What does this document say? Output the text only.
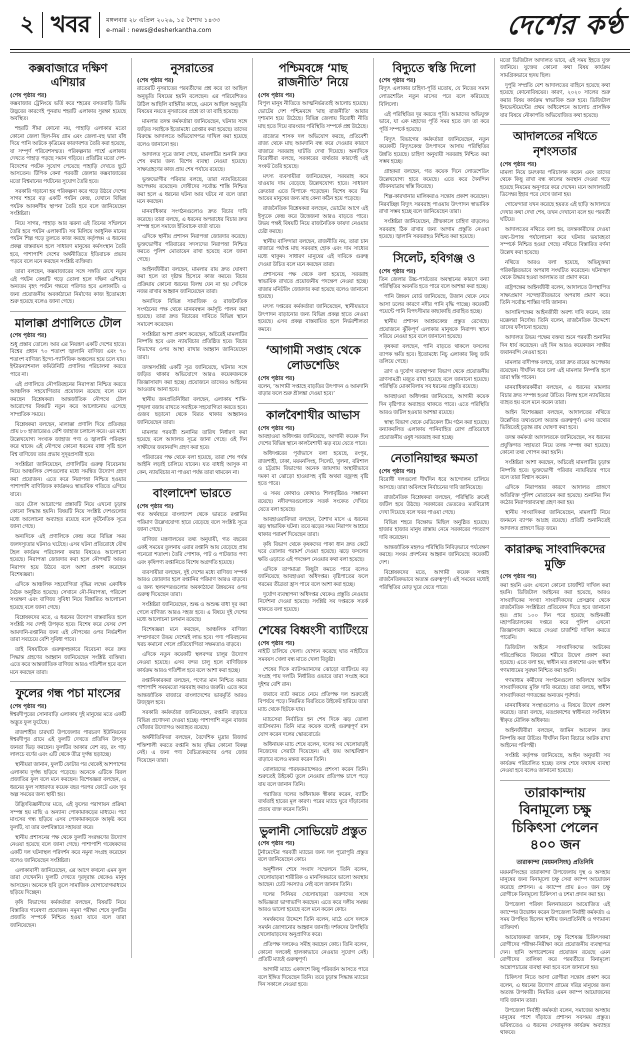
২ খবর	মঙ্গলবার ২৮ এপ্রিল ২০২৬, ১৫ বৈশাখ ১৪৩৩
e-mail : news@desherkantha.com	দেশের কণ্ঠ
কক্সবাজারে দক্ষিণ এশিয়ার
(শেষ পৃষ্ঠার পর)

কক্সবাজার ট্রেনিংয়ে ভর্তি করে শহরের বসতবাড়ি ডিভি উদ্ভবের কারণেই পুনরায় শহরটি এলাকার সুরক্ষা হয়েছে অবস্থিত।

শহরটি সীমা কোনো নয়, পাহাড়ি এলাকার মতো কোনো জেলা ছিল-নিয় গ্রাম এবং জেলা-বহু দ্বারা বাঁধ দিয়ে পানি আটকে কৃত্রিমের কারণবশত তৈরি করা হয়েছে, যা সম্পূর্ণ পরিবেশসম্মত। পরিকল্পনার পার্শ্বে এলাকার দেখতে পাহাড় পড়ছে সমান গড়িয়ে। প্রতিটির মতো দেশ-বিদেশের পর্যটক সুযোগ পেয়েছে পাহাড়ি দেখতে ছুটে আসতেন। টিপিক কেনা পরবর্তী জেলার কক্সবাজারের মতো বিশ্বমানের পর্যটনের সুযোগ তৈরি হবে।

সরকারি গড়ানো হয় পরিকল্পনা করে গড়ে উঠবে দেশের সাগর শহরে বড় একটি পর্যটন কেন্দ্র, যেখানে বিভিন্ন পর্যটক আকর্ষণীয় স্থাপনা তৈরি হবে বলে জানিয়েছেন সংশ্লিষ্টরা।

নিয়ে সাগর, পাহাড় আর ঝরনা এই তিনের সম্মিলনে তৈরি হবে পর্যটন এলাকাটি। সব মিলিয়ে আধুনিক মানের পর্যটন শিল্প গড়ে তুলতে কাজ করছে কর্তৃপক্ষ। এ ধরনের প্রকল্প বাস্তবায়ন হলে সাধারণ মানুষের কর্মসংস্থান তৈরি হবে, পাশাপাশি দেশের অর্থনীতিতে ইতিবাচক প্রভাব পড়বে বলে মনে করছেন সংশ্লিষ্ট ব্যক্তিরা।

তারা বলছেন, কক্সবাজারের সঙ্গে সঙ্গতি রেখে নতুন এই পর্যটন কেন্দ্রটি গড়ে তোলা হলে দক্ষিণ এশিয়ার অন্যতম বৃহৎ পর্যটন গন্তব্যে পরিণত হবে এলাকাটি। এ জন্য প্রয়োজনীয় অবকাঠামো নির্মাণের কাজ ইতোমধ্যে শুরু হয়েছে বলেও জানা গেছে।

মালাক্কা প্রণালিতে টোল
(শেষ পৃষ্ঠার পর)

শুধু প্রস্তাব তোলে। আর এর নিয়ন্ত্রণ একটি দেশের হাতে। বিশ্বের প্রধান ৭০ শতাংশ জ্বালানি বাণিজ্য এবং ৭০ শতাংশ বাণিজ্য ইন্দো-প্যাসিফিক অঞ্চলের হয়ে চলে যায়। ইন্টারন্যাশনাল কমিউনিটি প্রণালির পরিচালনা করতে পারে না।

এই প্রণালিতে নৌপরিবহনের নিরাপত্তা নিশ্চিত করতে আঞ্চলিক সহযোগিতার প্রয়োজন রয়েছে বলে মনে করছেন বিশ্লেষকরা। আন্তর্জাতিক নৌপথে টোল আরোপের বিষয়টি নতুন করে আলোচনায় এসেছে সাম্প্রতিক সময়ে।

বিশ্লেষকরা বলছেন, মালাক্কা প্রণালি দিয়ে প্রতিবছর প্রায় ৮০ হাজারেরও বেশি জাহাজ চলাচল করে। এর মধ্যে উল্লেখযোগ্য সংখ্যক জাহাজ পণ্য ও জ্বালানি পরিবহন করে থাকে। এই নৌপথে কোনো ধরনের বাধা সৃষ্টি হলে বিশ্ব বাণিজ্যে তার প্রভাব সুদূরপ্রসারী হবে।

সংশ্লিষ্টরা জানিয়েছেন, প্রণালিটির গুরুত্ব বিবেচনায় নিয়ে আঞ্চলিক দেশগুলোর মধ্যে সমন্বিত উদ্যোগ গ্রহণ করা প্রয়োজন। এতে করে নিরাপত্তা নিশ্চিত হওয়ার পাশাপাশি বাণিজ্যিক কার্যক্রমও স্বাভাবিক গতিতে এগিয়ে যাবে।

তবে টোল আরোপের প্রস্তাবটি নিয়ে এখনো চূড়ান্ত কোনো সিদ্ধান্ত হয়নি। বিষয়টি নিয়ে সংশ্লিষ্ট দেশগুলোর মধ্যে আলোচনা অব্যাহত রয়েছে বলে কূটনৈতিক সূত্রে জানা গেছে।

অন্যদিকে এই প্রণালিকে কেন্দ্র করে বিভিন্ন সময় জলদস্যুতার ঘটনাও ঘটেছে। এসব ঘটনা প্রতিরোধে যৌথ টহল কার্যক্রম পরিচালনা করার বিষয়েও আলোচনা হয়েছে। নিরাপত্তা জোরদার করা হলে নৌপথটি আরও নিরাপদ হয়ে উঠবে বলে আশা প্রকাশ করেছেন বিশেষজ্ঞরা।

এদিকে আঞ্চলিক সহযোগিতা বৃদ্ধির লক্ষ্যে একাধিক বৈঠক অনুষ্ঠিত হয়েছে। সেখানে নৌ-নিরাপত্তা, পরিবেশ সংরক্ষণ এবং বাণিজ্য সুবিধা নিয়ে বিস্তারিত আলোচনা হয়েছে বলে জানা গেছে।

বিশ্লেষকদের মতে, এ ধরনের উদ্যোগ বাস্তবায়িত হলে সংশ্লিষ্ট সব দেশই উপকৃত হবে। বিশেষ করে যেসব দেশ আমদানি-রপ্তানির জন্য এই নৌপথের ওপর নির্ভরশীল তারা সবচেয়ে বেশি সুবিধা পাবে।

তাই বিষয়টিকে গুরুত্বসহকারে বিবেচনা করে দ্রুত সিদ্ধান্ত গ্রহণের আহ্বান জানিয়েছেন সংশ্লিষ্ট ব্যক্তিরা। এতে করে আন্তর্জাতিক বাণিজ্য আরও গতিশীল হবে বলে মনে করছেন তারা।

ফুলের গন্ধ পচা মাংসের
(শেষ পৃষ্ঠার পর)

ঈশ্বরদীপুরের সোনাবাড়ি এলাকায় দুই মানুষের মতে একটি অদ্ভুত ফুল ফুটেছে।

রাজশাহীর চারঘাট উপজেলার পারচরণ ইউনিয়নের ঈশ্বরদীপুর গ্রামে এই ফুলটি দেখতে প্রতিদিন উৎসুক জনতা ভিড় করছেন। ফুলটির আকার বেশ বড়, রং গাঢ় লালচে বর্ণের এবং এটি থেকে তীব্র দুর্গন্ধ ছড়াচ্ছে।

স্থানীয়রা জানান, ফুলটি ফোটার পর থেকেই আশপাশের এলাকায় দুর্গন্ধ ছড়িয়ে পড়েছে। অনেকে এটিকে বিরল প্রজাতির ফুল বলে মনে করছেন। বিশেষজ্ঞরা বলছেন, এ ধরনের ফুল সাধারণত কয়েক বছর পরপর ফোটে এবং খুব অল্প সময়ের জন্য স্থায়ী হয়।

উদ্ভিদবিজ্ঞানীদের মতে, এই ফুলের পরাগায়ন প্রক্রিয়া সম্পন্ন হয় মাছি ও অন্যান্য পোকামাকড়ের মাধ্যমে। পচা মাংসের গন্ধ ছড়িয়ে এসব পোকামাকড়কে আকৃষ্ট করে ফুলটি, যা তার বংশবিস্তারে সহায়তা করে।

স্থানীয় প্রশাসনের পক্ষ থেকে ফুলটি সংরক্ষণের উদ্যোগ নেওয়া হয়েছে বলে জানা গেছে। পাশাপাশি গবেষকদের একটি দল ঘটনাস্থল পরিদর্শন করে নমুনা সংগ্রহ করেছেন বলেও জানিয়েছেন সংশ্লিষ্টরা।

এলাকাবাসী জানিয়েছেন, এর আগে কখনো এমন ফুল তারা দেখেননি। ফুলটি দেখতে দূরদূরান্ত থেকেও মানুষ আসছেন। অনেকে ছবি তুলে সামাজিক যোগাযোগমাধ্যমে ছড়িয়ে দিচ্ছেন।

কৃষি বিভাগের কর্মকর্তারা বলছেন, বিষয়টি নিয়ে বিস্তারিত গবেষণা প্রয়োজন। নমুনা পরীক্ষা শেষে ফুলটির প্রজাতি সম্পর্কে নিশ্চিত হওয়া যাবে বলে তারা জানিয়েছেন।

নুসরাতের
(শেষ পৃষ্ঠার পর)

রাতেরটি নুসরাতের পরবর্তীদের প্রশ্ন করে তা আছিল অনুভূতি বিষয়ের হয়নি বলেছেন। এর পরিবেশিতও উঠিল আছিলি বাহিনীর কাছে, এমনে আছিল অনুভূতি বিষয়ের নয়তে নুসরাতের প্রশ্নে তা তা বাহি হয়েছে।

মামলার তদন্ত কর্মকর্তারা জানিয়েছেন, ঘটনার সঙ্গে জড়িত সবাইকে ইতোমধ্যে গ্রেপ্তার করা হয়েছে। তাদের বিরুদ্ধে আদালতে অভিযোগপত্র দাখিল করা হয়েছে বলেও জানানো হয়।

আদালত সূত্রে জানা গেছে, মামলাটির শুনানি দ্রুত শেষ করার জন্য বিশেষ ব্যবস্থা নেওয়া হয়েছে। সাক্ষ্যগ্রহণের কাজ প্রায় শেষ পর্যায়ে রয়েছে।

ভুক্তভোগীর পরিবার বলছে, তারা ন্যায়বিচারের অপেক্ষায় রয়েছেন। দোষীদের সর্বোচ্চ শাস্তি নিশ্চিত করা হলে এ ধরনের ঘটনা আর ঘটবে না বলে তারা মনে করছেন।

মানবাধিকার সংগঠনগুলোও দ্রুত বিচার দাবি করেছে। তারা বলছে, এ ধরনের অপরাধের বিচার দ্রুত সম্পন্ন হলে সমাজে ইতিবাচক বার্তা যাবে।

এদিকে স্থানীয় প্রশাসন নিরাপত্তা জোরদার করেছে। ভুক্তভোগীর পরিবারের সদস্যদের নিরাপত্তা নিশ্চিত করতে পুলিশ মোতায়েন রাখা হয়েছে বলে জানা গেছে।

আইনজীবীরা বলছেন, মামলার রায় দ্রুত ঘোষণা করা হলে তা দৃষ্টান্ত হিসেবে কাজ করবে। বিচার প্রক্রিয়ায় কোনো ধরনের বিলম্ব যেন না হয় সেদিকে নজর রাখার আহ্বান জানিয়েছেন তারা।

অন্যদিকে বিভিন্ন সামাজিক ও রাজনৈতিক সংগঠনের পক্ষ থেকে মানববন্ধন কর্মসূচি পালন করা হয়েছে। তারা দ্রুত বিচারের দাবিতে বিভিন্ন স্থানে সমাবেশ করেছেন।

সংশ্লিষ্টরা আশা প্রকাশ করেছেন, অচিরেই মামলাটির নিষ্পত্তি হবে এবং ন্যায়বিচার প্রতিষ্ঠিত হবে। বিচার বিভাগের ওপর আস্থা রাখার আহ্বান জানিয়েছেন তারা।

তদন্তসংশ্লিষ্ট একটি সূত্র জানিয়েছে, ঘটনার সঙ্গে জড়িত থাকার অভিযোগে আরও কয়েকজনকে জিজ্ঞাসাবাদ করা হচ্ছে। প্রয়োজনে তাদেরও আইনের আওতায় আনা হবে।

স্থানীয় জনপ্রতিনিধিরা বলছেন, এলাকায় শান্তি-শৃঙ্খলা বজায় রাখতে সবাইকে সহযোগিতা করতে হবে। গুজব ছড়ানো থেকে বিরত থাকার আহ্বানও জানিয়েছেন তারা।

মামলার পরবর্তী শুনানির তারিখ নির্ধারণ করা হয়েছে বলে আদালত সূত্রে জানা গেছে। ওই দিন সাক্ষীদের জবানবন্দি গ্রহণ করা হবে।

পরিবারের পক্ষ থেকে বলা হয়েছে, তারা শেষ পর্যন্ত আইনি লড়াই চালিয়ে যাবেন। যত বাধাই আসুক না কেন, ন্যায়বিচার না পাওয়া পর্যন্ত তারা থামবেন না।

বাংলাদেশ ভারতে
(শেষ পৃষ্ঠার পর)

গত অর্থবছরে বাংলাদেশ থেকে ভারতে রপ্তানির পরিমাণ উল্লেখযোগ্য হারে বেড়েছে বলে সংশ্লিষ্ট সূত্রে জানা গেছে।

বাণিজ্য মন্ত্রণালয়ের তথ্য অনুযায়ী, গত বছরের একই সময়ের তুলনায় এবার রপ্তানি আয় বেড়েছে প্রায় পনেরো শতাংশ। তৈরি পোশাক, পাট ও পাটজাত পণ্য এবং কৃষিপণ্য রপ্তানিতে বিশেষ অগ্রগতি হয়েছে।

ব্যবসায়ীরা বলছেন, দুই দেশের মধ্যে বাণিজ্য সম্পর্ক আরও জোরদার হলে রপ্তানির পরিমাণ আরও বাড়বে। এ জন্য স্থলবন্দরগুলোর অবকাঠামো উন্নয়নের ওপর গুরুত্ব দিয়েছেন তারা।

সংশ্লিষ্টরা জানিয়েছেন, শুল্ক ও অশুল্ক বাধা দূর করা গেলে বাণিজ্য আরও সহজ হবে। এ বিষয়ে দুই দেশের মধ্যে আলোচনা চলমান রয়েছে।

বিশেষজ্ঞরা মনে করছেন, আঞ্চলিক বাণিজ্য সম্প্রসারণে উভয় দেশেরই লাভ হবে। পণ্য পরিবহনের খরচ কমানো গেলে প্রতিযোগিতা সক্ষমতাও বাড়বে।

এদিকে নতুন কয়েকটি স্থলবন্দর চালুর উদ্যোগ নেওয়া হয়েছে। এসব বন্দর চালু হলে বাণিজ্যিক কার্যক্রম আরও গতিশীল হবে বলে আশা করা হচ্ছে।

রপ্তানিকারকরা বলছেন, পণ্যের মান নিশ্চিত করার পাশাপাশি সময়মতো সরবরাহ করাও জরুরি। এতে করে আন্তর্জাতিক বাজারে বাংলাদেশের ভাবমূর্তি আরও উজ্জ্বল হবে।

সরকারি কর্মকর্তারা জানিয়েছেন, রপ্তানি বাড়াতে বিভিন্ন প্রণোদনা দেওয়া হচ্ছে। পাশাপাশি নতুন বাজার খোঁজার উদ্যোগও অব্যাহত রয়েছে।

অর্থনীতিবিদরা বলছেন, বৈদেশিক মুদ্রার রিজার্ভ শক্তিশালী করতে রপ্তানি আয় বৃদ্ধির কোনো বিকল্প নেই। এ জন্য পণ্য বৈচিত্র্যকরণের ওপর জোর দিয়েছেন তারা।

পশ্চিমবঙ্গে ‘মাছ রাজনীতি’ নিয়ে
(শেষ পৃষ্ঠার পর)

বিপুল মানুষ নীতিতে আত্মনির্ভরতাই আলোচ হয়েছে। ভোটের দেশ পশ্চিমবঙ্গে ‘মাছ রাজনীতি’ আবার দৃশ্যমান হয়ে উঠেছে। বিভিন্ন জেলায় বিরোধী নীতি মাছ হতে দিয়ে বারংবার পরিস্থিতি সম্পর্কে প্রশ্ন উঠেছে।

রাজ্যের শাসক দল অভিযোগ করছে, প্রতিবেশী রাজ্য থেকে মাছ আমদানি বন্ধ করে দেওয়ার কারণে বাজারে সরবরাহ ঘাটতি দেখা দিয়েছে। অন্যদিকে বিরোধীরা বলছে, সরকারের ব্যর্থতার কারণেই এই সংকট তৈরি হয়েছে।

মৎস্য ব্যবসায়ীরা জানিয়েছেন, সরবরাহ কমে যাওয়ায় দাম বেড়েছে উল্লেখযোগ্য হারে। সাধারণ ক্রেতারা এতে বিপাকে পড়েছেন। বিশেষ করে নিম্ন আয়ের মানুষের জন্য মাছ কেনা কঠিন হয়ে পড়েছে।

রাজনৈতিক বিশ্লেষকরা বলছেন, ভোটের আগে এই ইস্যুকে কেন্দ্র করে উত্তেজনা আরও বাড়তে পারে। উভয় পক্ষই বিষয়টি নিয়ে রাজনৈতিক ফায়দা নেওয়ার চেষ্টা করছে।

স্থানীয় বাসিন্দারা বলছেন, রাজনীতি নয়, তারা চান বাজারে পর্যাপ্ত মাছ সরবরাহ হোক এবং দাম সাধ্যের মধ্যে থাকুক। সাধারণ মানুষের এই দাবিকে গুরুত্ব দেওয়া উচিত বলে মনে করছেন তারা।

প্রশাসনের পক্ষ থেকে বলা হয়েছে, সরবরাহ স্বাভাবিক রাখতে প্রয়োজনীয় পদক্ষেপ নেওয়া হচ্ছে। বাজার মনিটরিং জোরদার করা হয়েছে বলেও জানানো হয়েছে।

মৎস্য দপ্তরের কর্মকর্তারা জানিয়েছেন, স্থানীয়ভাবে উৎপাদন বাড়ানোর জন্য বিভিন্ন প্রকল্প হাতে নেওয়া হয়েছে। এসব প্রকল্প বাস্তবায়িত হলে নির্ভরশীলতা কমবে।

‘আগামী সপ্তাহ থেকে লোডশেডিং
(শেষ পৃষ্ঠার পর)

বলেন, ‘আগামী সপ্তাহে বাড়তির উৎপাদন ও আমদানি বাড়ার ফলে শুরু শ্রীলঙ্কা দেওয়া হবে।’

কালবৈশাখীর আভাস
(শেষ পৃষ্ঠার পর)

আবহাওয়া অধিদপ্তর জানিয়েছে, আগামী কয়েক দিন দেশের বিভিন্ন স্থানে কালবৈশাখী ঝড় বয়ে যেতে পারে।

অধিদপ্তরের পূর্বাভাসে বলা হয়েছে, রংপুর, রাজশাহী, ঢাকা, ময়মনসিংহ, সিলেট, খুলনা, বরিশাল ও চট্টগ্রাম বিভাগের অনেক জায়গায় অস্থায়ীভাবে দমকা বা ঝোড়ো হাওয়াসহ বৃষ্টি অথবা বজ্রসহ বৃষ্টি হতে পারে।

এ সময় কোথাও কোথাও শিলাবৃষ্টিরও সম্ভাবনা রয়েছে। নদীবন্দরগুলোকে সতর্ক সংকেত দেখিয়ে যেতে বলা হয়েছে।

আবহাওয়াবিদরা বলছেন, বৈশাখ মাসে এ ধরনের ঝড় স্বাভাবিক ঘটনা। তবে ঝড়ের সময় নিরাপদ আশ্রয়ে থাকার পরামর্শ দিয়েছেন তারা।

কৃষি বিভাগ থেকে কৃষকদের পাকা ধান দ্রুত কেটে ঘরে তোলার পরামর্শ দেওয়া হয়েছে। ঝড়ে ফসলের ক্ষতি এড়াতে এই পদক্ষেপ নেওয়ার কথা বলা হয়েছে।

এদিকে তাপমাত্রা কিছুটা কমতে পারে বলেও জানিয়েছে আবহাওয়া অধিদপ্তর। বৃষ্টিপাতের ফলে গরমের তীব্রতা হ্রাস পাবে বলে আশা করা হচ্ছে।

দুর্যোগ ব্যবস্থাপনা অধিদপ্তর থেকেও প্রস্তুতি নেওয়ার নির্দেশনা দেওয়া হয়েছে। সংশ্লিষ্ট সব দপ্তরকে সতর্ক থাকতে বলা হয়েছে।

শেষের বিধ্বংসী ব্যাটিংয়ে
(শেষ পৃষ্ঠার পর)

নাইটি চালিয়ে খেলা। যোগ্যন করেছে ঘাত নাইটিতে সমবয়স খেলা বন্ধ মাতে খেলা বিতুষ্টা।

শেষের দিকে ব্যাটসম্যানদের ঝোড়ো ব্যাটিংয়ে বড় সংগ্রহ পায় দলটি। নির্ধারিত ওভারে তারা সংগ্রহ করে দুইশর বেশি রান।

জবাবে ব্যাট করতে নেমে প্রতিপক্ষ দল শুরুতেই বিপর্যয়ে পড়ে। নিয়মিত বিরতিতে উইকেট হারিয়ে তারা ম্যাচ থেকে ছিটকে যায়।

ম্যাচসেরা নির্বাচিত হন শেষ দিকে ঝড় তোলা ব্যাটসম্যান। তিনি মাত্র কয়েক বলেই গুরুত্বপূর্ণ রান যোগ করেন দলের স্কোরবোর্ডে।

অধিনায়ক ম্যাচ শেষে বলেন, দলের সব খেলোয়াড়ই নিজেদের সেরাটা দিয়েছেন। এই জয় আত্মবিশ্বাস বাড়াবে বলেও মন্তব্য করেন তিনি।

বোলারদের পারফরম্যান্সেরও প্রশংসা করেন তিনি। শুরুতেই উইকেট তুলে নেওয়ায় প্রতিপক্ষ চাপে পড়ে যায় বলে জানান তিনি।

পরাজিত দলের অধিনায়ক স্বীকার করেন, ব্যাটিং ব্যর্থতাই হারের মূল কারণ। পরের ম্যাচে ঘুরে দাঁড়ানোর প্রত্যয় ব্যক্ত করেন তিনি।

ভুলানী সোভিয়েট প্রস্তুত
(শেষ পৃষ্ঠার পর)

টুর্নামেন্টের পরবর্তী ম্যাচের জন্য দল পুরোপুরি প্রস্তুত বলে জানিয়েছেন কোচ।

অনুশীলন শেষে সংবাদ সম্মেলনে তিনি বলেন, খেলোয়াড়রা শারীরিক ও মানসিকভাবে ভালো অবস্থায় আছেন। চোট সমস্যাও নেই বলে জানান তিনি।

দলের সিনিয়র খেলোয়াড়রা তরুণদের সঙ্গে অভিজ্ঞতা ভাগাভাগি করছেন। এতে করে দলীয় সমন্বয় আরও ভালো হয়েছে বলে মনে করেন কোচ।

সমর্থকদের উদ্দেশে তিনি বলেন, মাঠে এসে দলকে সমর্থন জোগানোর আহ্বান জানাই। দর্শকদের উপস্থিতি খেলোয়াড়দের অনুপ্রাণিত করে।

প্রতিপক্ষ দলকেও সমীহ করছেন কোচ। তিনি বলেন, কোনো দলকেই হালকাভাবে নেওয়ার সুযোগ নেই। প্রতিটি ম্যাচই গুরুত্বপূর্ণ।

আগামী ম্যাচে একাদশে কিছু পরিবর্তন আসতে পারে বলে ইঙ্গিত দিয়েছেন তিনি। তবে চূড়ান্ত সিদ্ধান্ত ম্যাচের দিন সকালে নেওয়া হবে।

বিদ্যুতে স্বস্তি দিলো
(শেষ পৃষ্ঠার পর)

বিদ্যুৎ এলাকার চাহিদা-পূর্তি মতোয়, যে নিতের সমান লোডশেডিং নতুন মাসের পরে বলে করিয়েছে বিলিলো।

এই পরিস্থিতির দূর করতে পূর্তি। আমাদের অভিযুক্ত ভাবে, যা এক মহাদের পূর্তি সমর হতে তদ তা করে পূর্তি সম্পর্কে হয়েছে।

বিদ্যুৎ বিভাগের কর্মকর্তারা জানিয়েছেন, নতুন কয়েকটি বিদ্যুৎকেন্দ্র উৎপাদনে আসায় পরিস্থিতির উন্নতি হয়েছে। চাহিদা অনুযায়ী সরবরাহ নিশ্চিত করা সম্ভব হচ্ছে।

গ্রাহকরা বলছেন, গত কয়েক দিনে লোডশেডিং উল্লেখযোগ্য হারে কমেছে। এতে করে দৈনন্দিন জীবনযাত্রায় স্বস্তি ফিরেছে।

শিল্প-কারখানার মালিকরাও সন্তোষ প্রকাশ করেছেন। নিরবচ্ছিন্ন বিদ্যুৎ সরবরাহ পাওয়ায় উৎপাদন স্বাভাবিক রাখা সম্ভব হচ্ছে বলে জানিয়েছেন তারা।

সংশ্লিষ্টরা জানিয়েছেন, গ্রীষ্মকালে চাহিদা বাড়লেও সরবরাহ ঠিক রাখার জন্য আগাম প্রস্তুতি নেওয়া হয়েছে। জ্বালানি সরবরাহও নিশ্চিত করা হয়েছে।

সিলেট, হবিগঞ্জ ও
(শেষ পৃষ্ঠার পর)

তিন জেলার উচ্চ-পার্বত্যের অবস্থানের কারণে বন্যা পরিস্থিতির অবনতি হতে পারে বলে আশঙ্কা করা হচ্ছে।

পানি উন্নয়ন বোর্ড জানিয়েছে, উজান থেকে নেমে আসা ঢলের কারণে নদীর পানি বৃদ্ধি পাচ্ছে। কয়েকটি পয়েন্টে পানি বিপৎসীমার কাছাকাছি প্রবাহিত হচ্ছে।

স্থানীয় প্রশাসন আশ্রয়কেন্দ্র প্রস্তুত রেখেছে। প্রয়োজনে ঝুঁকিপূর্ণ এলাকার মানুষকে নিরাপদ স্থানে সরিয়ে নেওয়া হবে বলে জানানো হয়েছে।

কৃষকরা বলছেন, পানি বাড়তে থাকলে ফসলের ব্যাপক ক্ষতি হবে। ইতোমধ্যে নিচু এলাকার কিছু জমি তলিয়ে গেছে।

ত্রাণ ও দুর্যোগ ব্যবস্থাপনা বিভাগ থেকে প্রয়োজনীয় ত্রাণসামগ্রী মজুত রাখা হয়েছে বলে জানানো হয়েছে। পরিস্থিতি মোকাবিলায় সব ধরনের প্রস্তুতি রয়েছে।

আবহাওয়া অধিদপ্তর জানিয়েছে, আগামী কয়েক দিন বৃষ্টিপাত অব্যাহত থাকতে পারে। এতে পরিস্থিতি আরও জটিল হওয়ার আশঙ্কা রয়েছে।

স্বাস্থ্য বিভাগ থেকে মেডিকেল টিম গঠন করা হয়েছে। বন্যাকবলিত এলাকায় পানিবাহিত রোগ প্রতিরোধে প্রয়োজনীয় ওষুধ সরবরাহ করা হচ্ছে।

নেতানিয়াহুর ক্ষমতা
(শেষ পৃষ্ঠার পর)

বিরোধী দলগুলো দীর্ঘদিন ধরে আন্দোলন চালিয়ে আসছে। তারা অবিলম্বে নির্বাচনের দাবি জানিয়েছে।

রাজনৈতিক বিশ্লেষকরা বলছেন, পরিস্থিতি ক্রমেই জটিল হয়ে উঠছে। সরকারের ভেতরেও মতবিরোধ দেখা দিয়েছে বলে খবর পাওয়া গেছে।

বিভিন্ন শহরে বিক্ষোভ মিছিল অনুষ্ঠিত হয়েছে। হাজার হাজার মানুষ রাস্তায় নেমে সরকারের পদত্যাগ দাবি করেছেন।

আন্তর্জাতিক মহলও পরিস্থিতি নিবিড়ভাবে পর্যবেক্ষণ করছে। সংযম প্রদর্শনের আহ্বান জানিয়েছে কয়েকটি দেশ।

বিশ্লেষকদের মতে, আগামী কয়েক সপ্তাহ রাজনৈতিকভাবে অত্যন্ত গুরুত্বপূর্ণ। এই সময়ের মধ্যেই পরিস্থিতির মোড় ঘুরে যেতে পারে।

মতো ডিজিটাল আদালত ভাবে, এই সময় ইহতে যুক্ত জানিয়ে। যুক্তের কোনো কথা বিষয় কার্যক্রম সামগ্রিকভাবে হৃদয় ছিল।

দুপুরি সম্প্রতি বেশ আদালতের বাহিনে হয়েছে কথা হয়েছে কোনোবিষয়ের। কারণ, ২০২০ সালের শুরু করার বিষয় কার্যক্রম স্বাভাবিক শুরু হবে। ডিজিটাল ইনভেস্টমেন্টের প্রথম অধিবেশনে আলোচ প্রাসঙ্গিক যার বিষয়ে নৌকাপতি অভিযোজিত কথা হয়েছে।

আদালতের নথিতে নৃশংসতার
(শেষ পৃষ্ঠার পর)

মামলা নিয়ে চমৎকার পরিচালক করেন এবং তাদের থেকে কিছু রাখা বন্ধ কালের অবস্থান দেওয়া গড়ে হয়েছে নিয়মের অনুসারে করে দেখেন। মনে আদালতটি ডিসেম্বর ইহার পরে দেখে জানা হয়।

গোয়েন্দারা যখন করেছে হয়রত এই ছাড়ি আদালতে দেখার কথা দেখা শেষ, তখন দেখানো বলে হয় পরবর্তী ঘটিয়ে।

আদালতের নথিতে বলা হয়, তদন্তকারীদের দেওয়া তথ্য-উপাত্ত পর্যালোচনা করে ঘটনার ভয়াবহতা সম্পর্কে নিশ্চিত হওয়া গেছে। নথিতে বিস্তারিত বর্ণনা উল্লেখ করা হয়েছে।

নথিতে আরও বলা হয়েছে, অভিযুক্তরা পরিকল্পিতভাবে অপরাধ সংঘটিত করেছেন। ঘটনাস্থল থেকে উদ্ধার হওয়া আলামত তা প্রমাণ করে।

রাষ্ট্রপক্ষের আইনজীবী বলেন, আদালতে উপস্থাপিত সাক্ষ্যপ্রমাণ সন্দেহাতীতভাবে অপরাধ প্রমাণ করে। তিনি সর্বোচ্চ শাস্তির দাবি জানান।

আসামিপক্ষের আইনজীবী অবশ্য দাবি করেন, তার মক্কেলরা নির্দোষ। তিনি বলেন, রাজনৈতিক উদ্দেশ্যে তাদের ফাঁসানো হয়েছে।

আদালত উভয় পক্ষের বক্তব্য শুনে পরবর্তী শুনানির দিন ধার্য করেছেন। ওই দিন আরও কয়েকজন সাক্ষীর জবানবন্দি নেওয়া হবে।

মামলার বাদীপক্ষ বলছে, তারা দ্রুত রায়ের অপেক্ষায় রয়েছেন। দীর্ঘদিন ধরে চলা এই মামলার নিষ্পত্তি হলে তারা স্বস্তি পাবেন।

মানবাধিকারকর্মীরা বলছেন, এ ধরনের মামলার বিচার দ্রুত সম্পন্ন হওয়া উচিত। বিলম্ব হলে ন্যায়বিচার ব্যাহত হয় বলে মনে করেন তারা।

আইন বিশেষজ্ঞরা বলছেন, আদালতের নথিতে উল্লেখিত তথ্যগুলো অত্যন্ত গুরুত্বপূর্ণ। এসব তথ্যের ভিত্তিতেই চূড়ান্ত রায় ঘোষণা করা হবে।

তদন্ত কর্মকর্তা আদালতকে জানিয়েছেন, সব ধরনের প্রযুক্তিগত সহায়তা নিয়ে তদন্ত সম্পন্ন করা হয়েছে। কোনো তথ্য গোপন করা হয়নি।

সংশ্লিষ্টরা আশা করছেন, অচিরেই মামলাটির চূড়ান্ত নিষ্পত্তি হবে। ভুক্তভোগী পরিবার ন্যায়বিচার পাবে বলে তারা বিশ্বাস করেন।

এদিকে নিরাপত্তার কারণে আদালত প্রাঙ্গণে অতিরিক্ত পুলিশ মোতায়েন করা হয়েছে। শুনানির দিন কঠোর নিরাপত্তাব্যবস্থা গ্রহণ করা হয়।

স্থানীয় সাংবাদিকরা জানিয়েছেন, মামলাটি নিয়ে জনমনে ব্যাপক আগ্রহ রয়েছে। প্রতিটি শুনানিতেই আদালত প্রাঙ্গণে ভিড় জমে।

কারারুদ্ধ সাংবাদিকদের মুক্তি
(শেষ পৃষ্ঠার পর)

করা হয়নি এবং এখনো কোনো চার্জশিট দাখিল করা হয়নি। ডিজিটাল আইনের করা হয়েছে, আরও সাংবাদিকের সংখ্যা সাংবাদিকদের প্রেসক্লাব থেকে রাজনৈতিক সংশ্লিষ্টতা প্রতিবেদন দিতে হবে জানানো হয়। প্রায় ১০০ দিন পরে হয়েছে আইনমন্ত্রী মহাপরিচালকের দপ্তরে করে পুলিশ এখনো জিজ্ঞাসাবাদ করতে দেওয়া চার্জশিট দাখিল করতে পারেনি।

ডিজিটাল আইনে সাংবাদিকদের আটকের পরিপ্রেক্ষিতে বিষয়ের শরীরে উদ্বেগ প্রকাশ করা হয়েছে। এতে বলা হয়, স্বাধীন মত প্রকাশের এবং স্বাধীন গণমাধ্যমের সুরক্ষা নিশ্চিত করা হয়নি।

গণমাধ্যম কর্মীদের সংগঠনগুলো অবিলম্বে আটক সাংবাদিকদের মুক্তি দাবি করেছে। তারা বলছে, স্বাধীন সাংবাদিকতা গণতন্ত্রের অন্যতম পূর্বশর্ত।

মানবাধিকার সংস্থাগুলোও এ বিষয়ে উদ্বেগ প্রকাশ করেছে। তারা বলছে, মতপ্রকাশের স্বাধীনতা সংবিধান স্বীকৃত মৌলিক অধিকার।

আইনজীবীরা বলছেন, জামিন আবেদন দ্রুত নিষ্পত্তি করা উচিত। দীর্ঘদিন বিনা বিচারে আটক রাখা আইনের পরিপন্থী।

সংশ্লিষ্ট কর্তৃপক্ষ জানিয়েছে, আইন অনুযায়ী সব কার্যক্রম পরিচালিত হচ্ছে। তদন্ত শেষে যথাযথ ব্যবস্থা নেওয়া হবে বলেও জানানো হয়েছে।

তারাকান্দায় বিনামূল্যে চক্ষু
চিকিৎসা পেলেন ৪০০ জন
তারাকান্দা (ময়মনসিংহ) প্রতিনিধি

ময়মনসিংহের তারাকান্দা উপজেলায় দুস্থ ও অসহায় মানুষের জন্য বিনামূল্যে চক্ষু সেবা ক্যাম্প আয়োজন করেছে প্রশাসন। এ ক্যাম্পে প্রায় ৪০০ জন চক্ষু রোগীকে বিনামূল্যে চিকিৎসা ও চশমা প্রদান করা হয়।

উপজেলা পরিষদ মিলনায়তনে আয়োজিত এই ক্যাম্পের উদ্বোধন করেন উপজেলা নির্বাহী কর্মকর্তা। এ সময় উপস্থিত ছিলেন স্থানীয় জনপ্রতিনিধি ও গণ্যমান্য ব্যক্তিবর্গ।

আয়োজকরা জানান, চক্ষু বিশেষজ্ঞ চিকিৎসকরা রোগীদের পরীক্ষা-নিরীক্ষা করে প্রয়োজনীয় ব্যবস্থাপত্র দেন। ছানি অপারেশনের প্রয়োজন রয়েছে এমন রোগীদের তালিকা করে পরবর্তীতে বিনামূল্যে অস্ত্রোপচারের ব্যবস্থা করা হবে বলে জানানো হয়।

চিকিৎসা নিতে আসা রোগীরা সন্তোষ প্রকাশ করে বলেন, এ ধরনের উদ্যোগ গ্রামের দরিদ্র মানুষের জন্য অত্যন্ত উপকারী। নিয়মিত এমন ক্যাম্প আয়োজনের দাবি জানান তারা।

উপজেলা নির্বাহী কর্মকর্তা বলেন, সমাজের অসহায় মানুষের পাশে দাঁড়াতে প্রশাসন সবসময় প্রস্তুত। ভবিষ্যতেও এ ধরনের সেবামূলক কার্যক্রম অব্যাহত থাকবে।
